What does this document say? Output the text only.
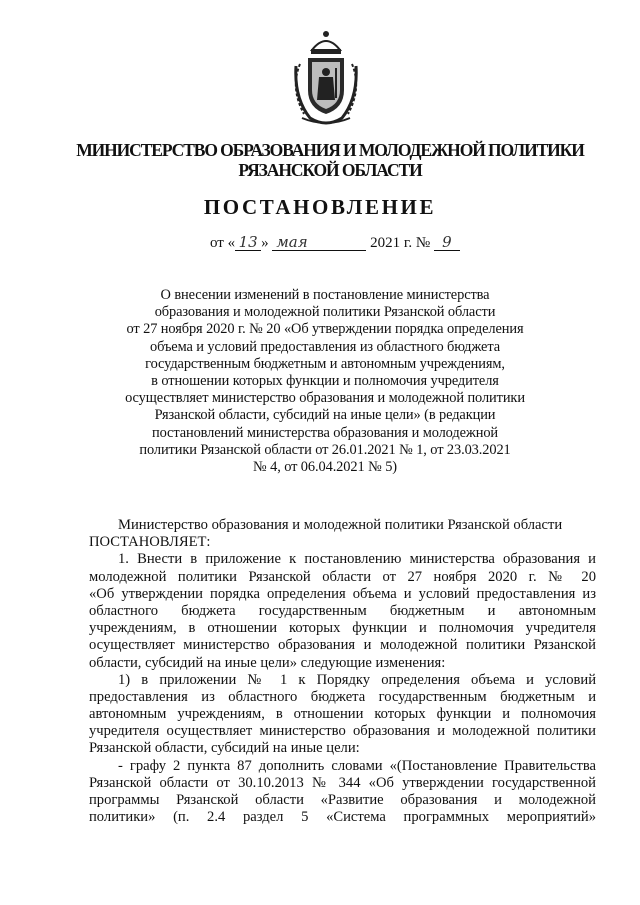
МИНИСТЕРСТВО ОБРАЗОВАНИЯ И МОЛОДЕЖНОЙ ПОЛИТИКИ
РЯЗАНСКОЙ ОБЛАСТИ
ПОСТАНОВЛЕНИЕ
от « 13 » мая	2021 г. № 9
О внесении изменений в постановление министерства
образования и молодежной политики Рязанской области
от 27 ноября 2020 г. № 20 «Об утверждении порядка определения
объема и условий предоставления из областного бюджета
государственным бюджетным и автономным учреждениям,
в отношении которых функции и полномочия учредителя
осуществляет министерство образования и молодежной политики
Рязанской области, субсидий на иные цели» (в редакции
постановлений министерства образования и молодежной
политики Рязанской области от 26.01.2021 № 1, от 23.03.2021
№ 4, от 06.04.2021 № 5)
Министерство образования и молодежной политики Рязанской области
ПОСТАНОВЛЯЕТ:
1. Внести в приложение к постановлению министерства образования и
молодежной политики Рязанской области от 27 ноября 2020 г. № 20
«Об утверждении порядка определения объема и условий предоставления из
областного бюджета государственным бюджетным и автономным
учреждениям, в отношении которых функции и полномочия учредителя
осуществляет министерство образования и молодежной политики Рязанской
области, субсидий на иные цели» следующие изменения:
1) в приложении № 1 к Порядку определения объема и условий
предоставления из областного бюджета государственным бюджетным и
автономным учреждениям, в отношении которых функции и полномочия
учредителя осуществляет министерство образования и молодежной политики
Рязанской области, субсидий на иные цели:
- графу 2 пункта 87 дополнить словами «(Постановление Правительства
Рязанской области от 30.10.2013 № 344 «Об утверждении государственной
программы Рязанской области «Развитие образования и молодежной
политики» (п. 2.4 раздел 5 «Система программных мероприятий»
